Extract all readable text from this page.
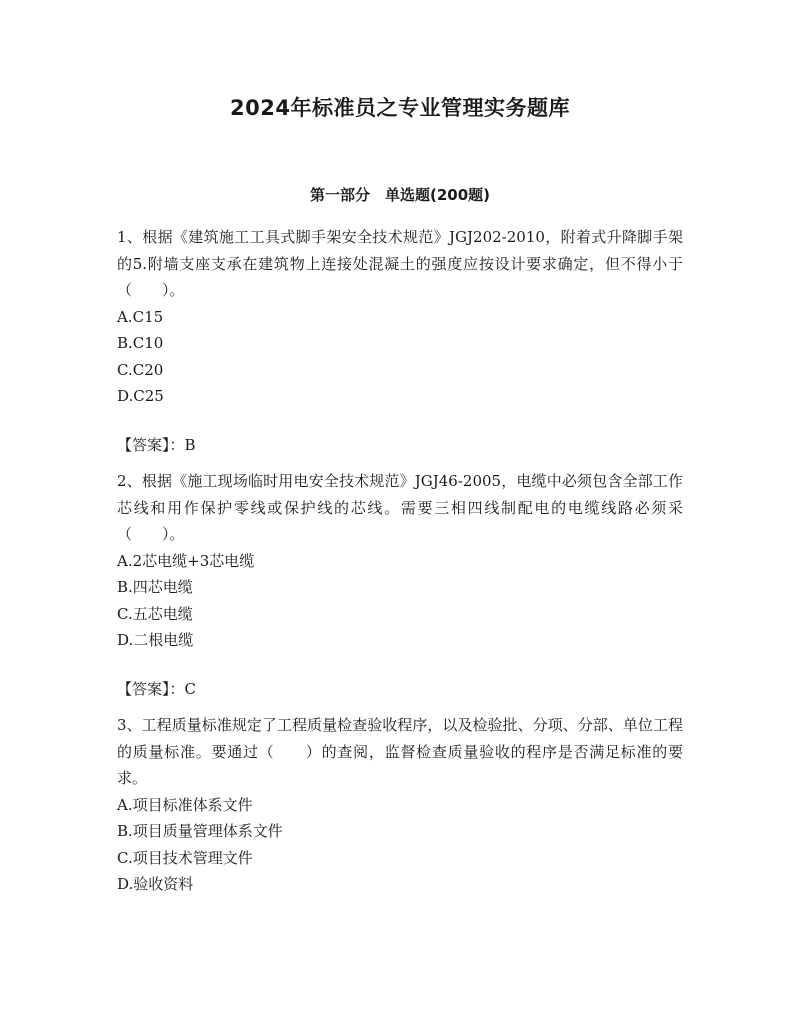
2024年标准员之专业管理实务题库
第一部分　单选题(200题)

1、根据《建筑施工工具式脚手架安全技术规范》JGJ202-2010，附着式升降脚手架的5.附墙支座支承在建筑物上连接处混凝土的强度应按设计要求确定，但不得小于（　　）。

A.C15
B.C10
C.C20
D.C25

【答案】：B

2、根据《施工现场临时用电安全技术规范》JGJ46-2005，电缆中必须包含全部工作芯线和用作保护零线或保护线的芯线。需要三相四线制配电的电缆线路必须采（　　）。

A.2芯电缆+3芯电缆
B.四芯电缆
C.五芯电缆
D.二根电缆

【答案】：C

3、工程质量标准规定了工程质量检查验收程序，以及检验批、分项、分部、单位工程的质量标准。要通过（　　）的查阅，监督检查质量验收的程序是否满足标准的要求。

A.项目标准体系文件
B.项目质量管理体系文件
C.项目技术管理文件
D.验收资料
